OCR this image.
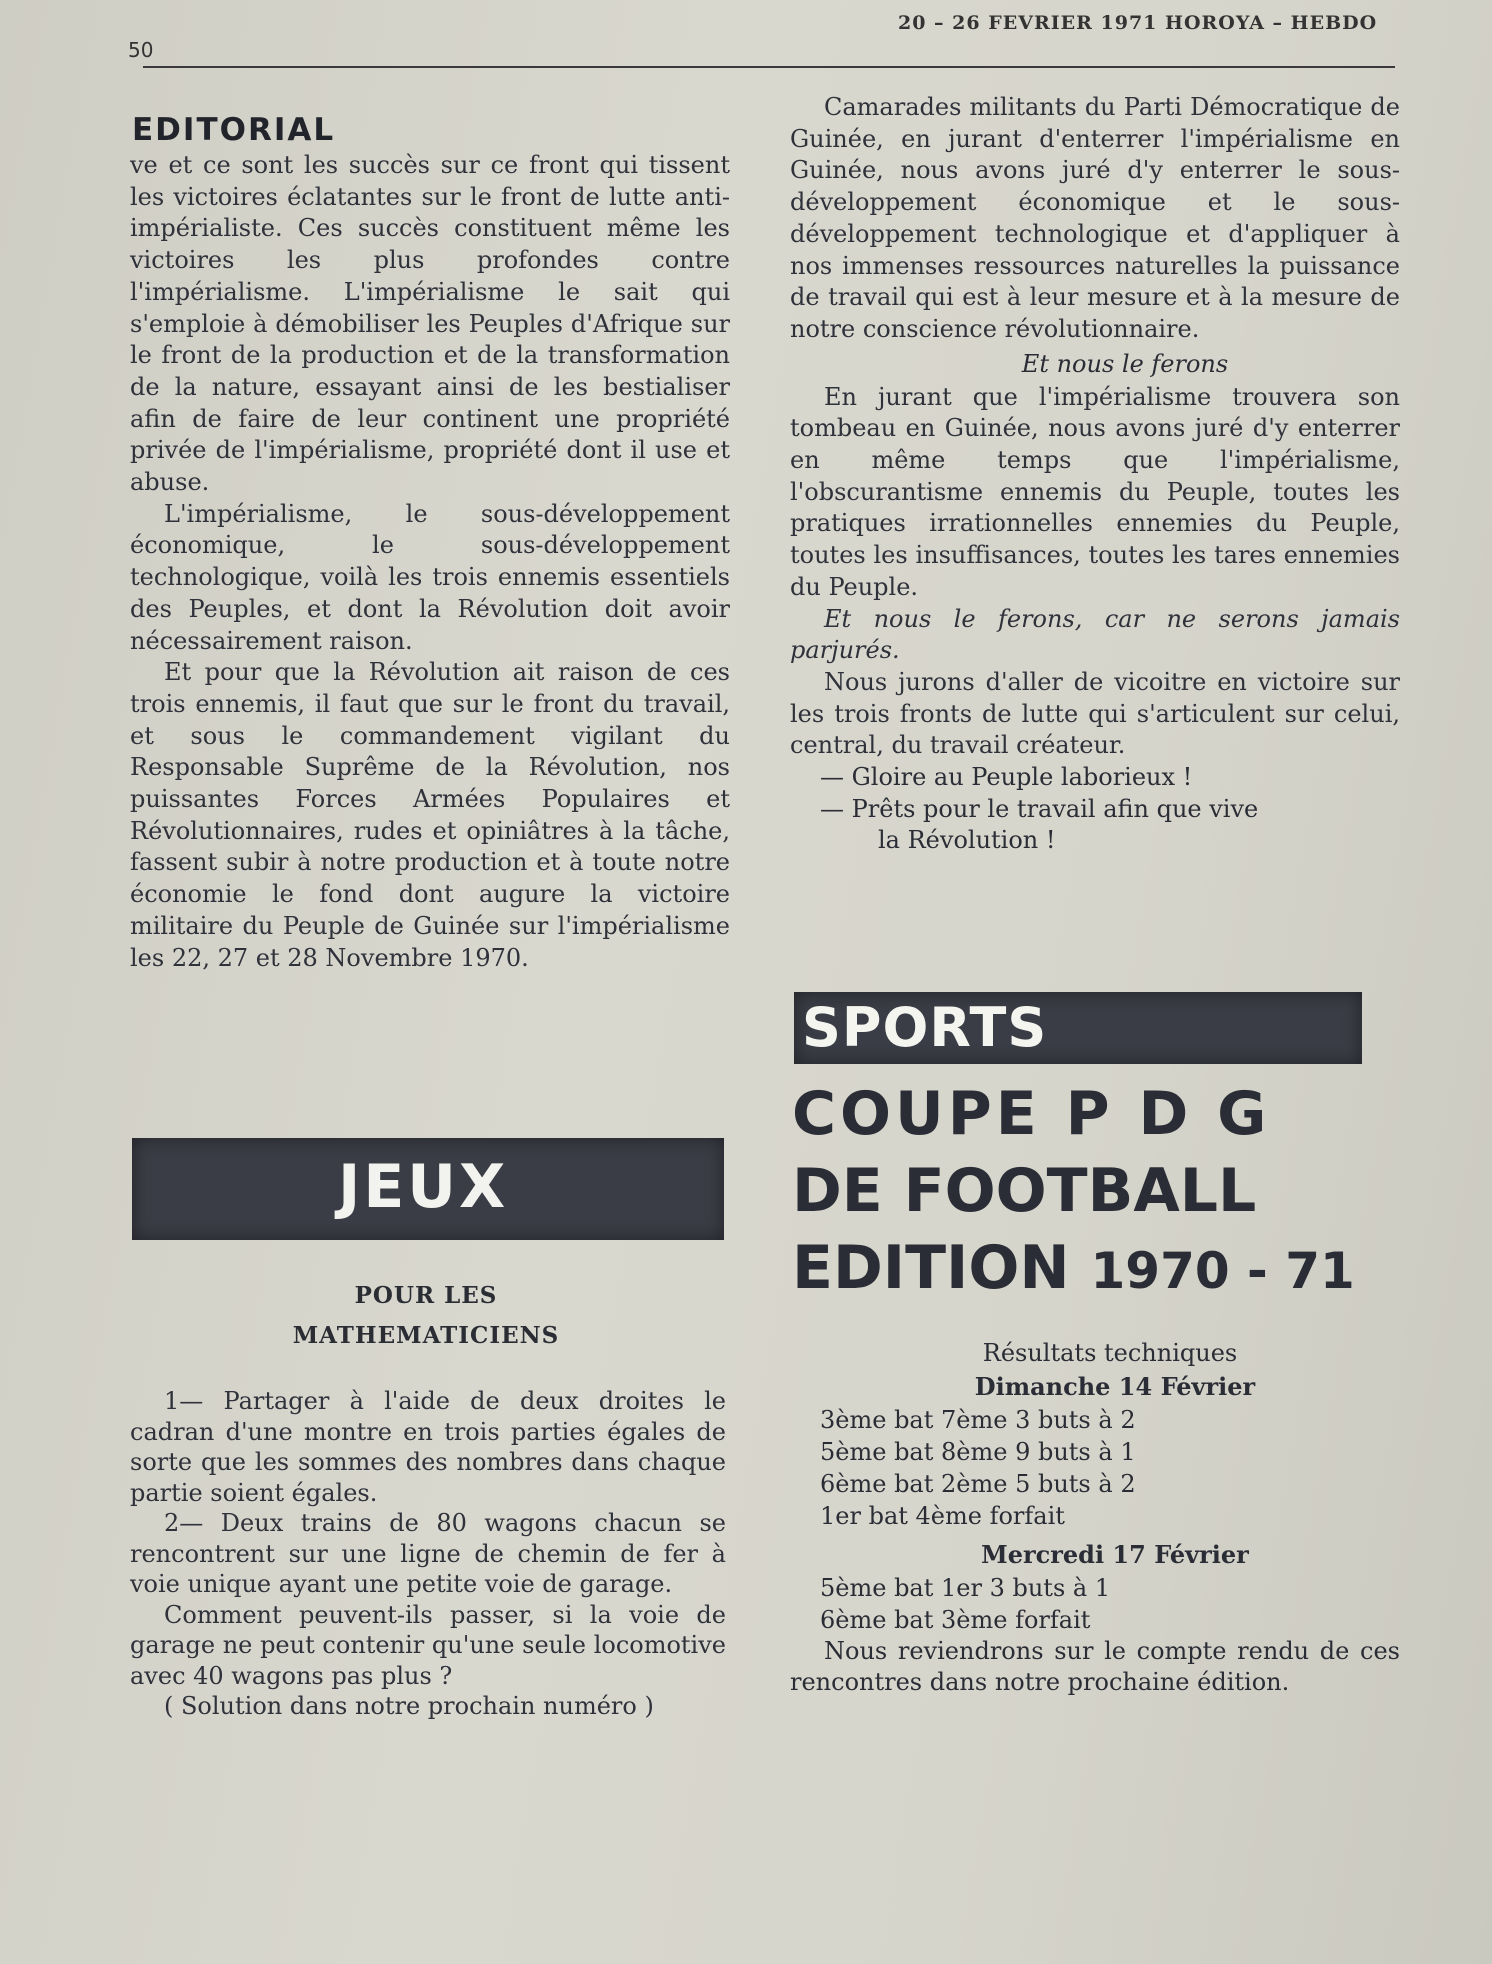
50
20 – 26 FEVRIER 1971 HOROYA – HEBDO
EDITORIAL

ve et ce sont les succès sur ce front qui tissent les victoires éclatantes sur le front de lutte anti-impérialiste. Ces succès constituent même les victoires les plus profondes contre l'impérialisme. L'impérialisme le sait qui s'emploie à démobiliser les Peuples d'Afrique sur le front de la production et de la transformation de la nature, essayant ainsi de les bestialiser afin de faire de leur continent une propriété privée de l'impérialisme, propriété dont il use et abuse.

L'impérialisme, le sous-développement économique, le sous-développement technologique, voilà les trois ennemis essentiels des Peuples, et dont la Révolution doit avoir nécessairement raison.

Et pour que la Révolution ait raison de ces trois ennemis, il faut que sur le front du travail, et sous le commandement vigilant du Responsable Suprême de la Révolution, nos puissantes Forces Armées Populaires et Révolutionnaires, rudes et opiniâtres à la tâche, fassent subir à notre production et à toute notre économie le fond dont augure la victoire militaire du Peuple de Guinée sur l'impérialisme les 22, 27 et 28 Novembre 1970.

Camarades militants du Parti Démocratique de Guinée, en jurant d'enterrer l'impérialisme en Guinée, nous avons juré d'y enterrer le sous-développement économique et le sous-développement technologique et d'appliquer à nos immenses ressources naturelles la puissance de travail qui est à leur mesure et à la mesure de notre conscience révolutionnaire.

Et nous le ferons

En jurant que l'impérialisme trouvera son tombeau en Guinée, nous avons juré d'y enterrer en même temps que l'impérialisme, l'obscurantisme ennemis du Peuple, toutes les pratiques irrationnelles ennemies du Peuple, toutes les insuffisances, toutes les tares ennemies du Peuple.

Et nous le ferons, car ne serons jamais parjurés.

Nous jurons d'aller de vicoitre en victoire sur les trois fronts de lutte qui s'articulent sur celui, central, du travail créateur.

— Gloire au Peuple laborieux !
— Prêts pour le travail afin que vive
la Révolution !
JEUX
POUR LES
MATHEMATICIENS

1— Partager à l'aide de deux droites le cadran d'une montre en trois parties égales de sorte que les sommes des nombres dans chaque partie soient égales.

2— Deux trains de 80 wagons chacun se rencontrent sur une ligne de chemin de fer à voie unique ayant une petite voie de garage.

Comment peuvent-ils passer, si la voie de garage ne peut contenir qu'une seule locomotive avec 40 wagons pas plus ?

( Solution dans notre prochain numéro )

SPORTS
COUPE P D G
DE FOOTBALL
EDITION 1970 - 71
Résultats techniques
Dimanche 14 Février
3ème bat 7ème 3 buts à 2
5ème bat 8ème 9 buts à 1
6ème bat 2ème 5 buts à 2
1er bat 4ème forfait
Mercredi 17 Février
5ème bat 1er 3 buts à 1
6ème bat 3ème forfait

Nous reviendrons sur le compte rendu de ces rencontres dans notre prochaine édition.
